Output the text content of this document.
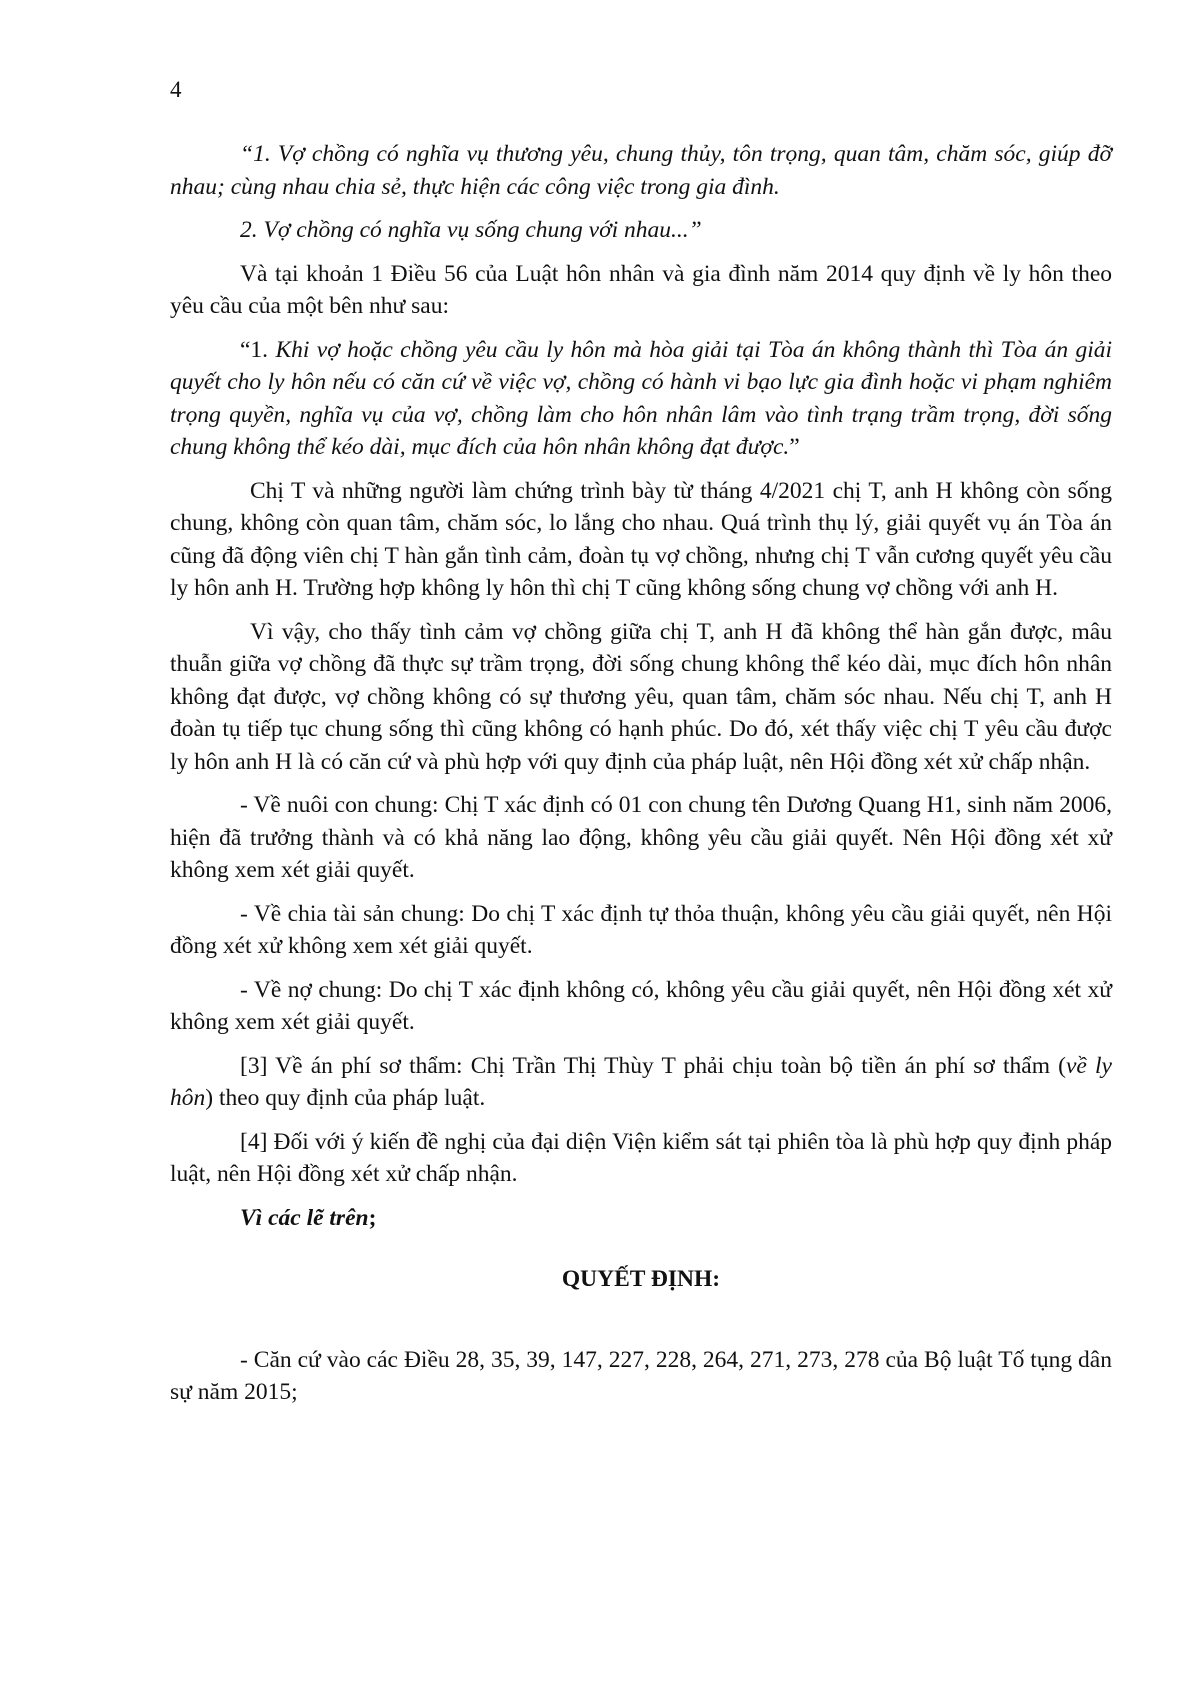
4

“1. Vợ chồng có nghĩa vụ thương yêu, chung thủy, tôn trọng, quan tâm, chăm sóc, giúp đỡ nhau; cùng nhau chia sẻ, thực hiện các công việc trong gia đình.

2. Vợ chồng có nghĩa vụ sống chung với nhau...”

Và tại khoản 1 Điều 56 của Luật hôn nhân và gia đình năm 2014 quy định về ly hôn theo yêu cầu của một bên như sau:

“1. Khi vợ hoặc chồng yêu cầu ly hôn mà hòa giải tại Tòa án không thành thì Tòa án giải quyết cho ly hôn nếu có căn cứ về việc vợ, chồng có hành vi bạo lực gia đình hoặc vi phạm nghiêm trọng quyền, nghĩa vụ của vợ, chồng làm cho hôn nhân lâm vào tình trạng trầm trọng, đời sống chung không thể kéo dài, mục đích của hôn nhân không đạt được.”

Chị T và những người làm chứng trình bày từ tháng 4/2021 chị T, anh H không còn sống chung, không còn quan tâm, chăm sóc, lo lắng cho nhau. Quá trình thụ lý, giải quyết vụ án Tòa án cũng đã động viên chị T hàn gắn tình cảm, đoàn tụ vợ chồng, nhưng chị T vẫn cương quyết yêu cầu ly hôn anh H. Trường hợp không ly hôn thì chị T cũng không sống chung vợ chồng với anh H.

Vì vậy, cho thấy tình cảm vợ chồng giữa chị T, anh H đã không thể hàn gắn được, mâu thuẫn giữa vợ chồng đã thực sự trầm trọng, đời sống chung không thể kéo dài, mục đích hôn nhân không đạt được, vợ chồng không có sự thương yêu, quan tâm, chăm sóc nhau. Nếu chị T, anh H đoàn tụ tiếp tục chung sống thì cũng không có hạnh phúc. Do đó, xét thấy việc chị T yêu cầu được ly hôn anh H là có căn cứ và phù hợp với quy định của pháp luật, nên Hội đồng xét xử chấp nhận.

- Về nuôi con chung: Chị T xác định có 01 con chung tên Dương Quang H1, sinh năm 2006, hiện đã trưởng thành và có khả năng lao động, không yêu cầu giải quyết. Nên Hội đồng xét xử không xem xét giải quyết.

- Về chia tài sản chung: Do chị T xác định tự thỏa thuận, không yêu cầu giải quyết, nên Hội đồng xét xử không xem xét giải quyết.

- Về nợ chung: Do chị T xác định không có, không yêu cầu giải quyết, nên Hội đồng xét xử không xem xét giải quyết.

[3] Về án phí sơ thẩm: Chị Trần Thị Thùy T phải chịu toàn bộ tiền án phí sơ thẩm (về ly hôn) theo quy định của pháp luật.

[4] Đối với ý kiến đề nghị của đại diện Viện kiểm sát tại phiên tòa là phù hợp quy định pháp luật, nên Hội đồng xét xử chấp nhận.

Vì các lẽ trên;

QUYẾT ĐỊNH:

- Căn cứ vào các Điều 28, 35, 39, 147, 227, 228, 264, 271, 273, 278 của Bộ luật Tố tụng dân sự năm 2015;
